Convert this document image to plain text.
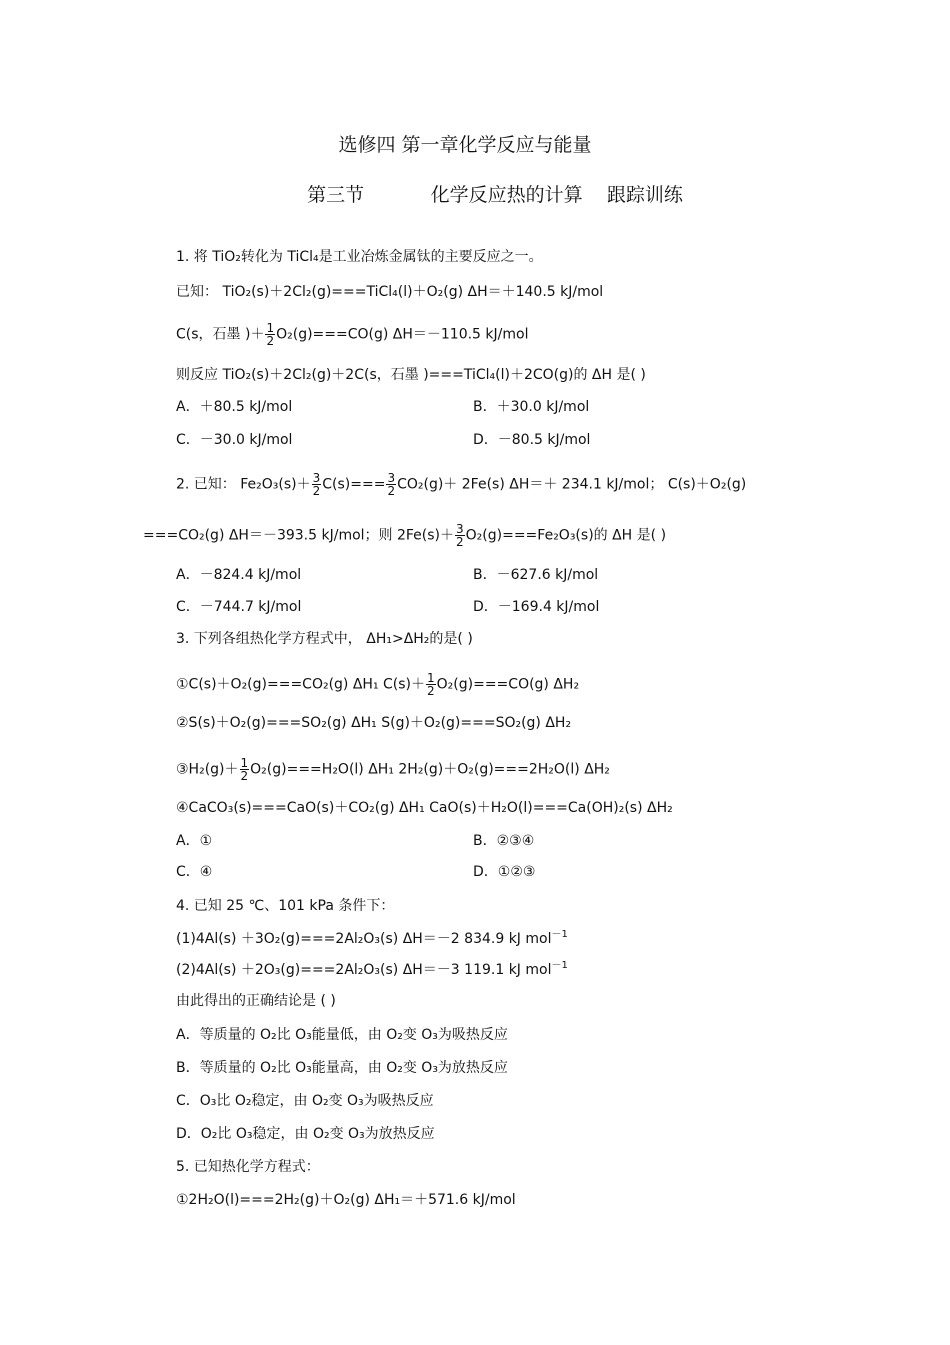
选修四 第一章化学反应与能量
第三节	化学反应热的计算 跟踪训练
1. 将 TiO₂转化为 TiCl₄是工业冶炼金属钛的主要反应之一。
已知： TiO₂(s)＋2Cl₂(g)===TiCl₄(l)＋O₂(g) ΔH＝＋140.5 kJ/mol
C(s，石墨 )＋ $\frac{1}{2} O_2(g)===CO(g)$ ΔH＝－110.5 kJ/mol
则反应 TiO₂(s)＋2Cl₂(g)＋2C(s，石墨 )===TiCl₄(l)＋2CO(g)的 ΔH 是( )
A．＋80.5 kJ/mol	B．＋30.0 kJ/mol
C．－30.0 kJ/mol	D．－80.5 kJ/mol
2. 已知： $Fe_2O_3(s)+ \frac{3}{2} C(s)=== \frac{3}{2} CO_2(g)+ 2Fe(s)$ ΔH＝＋ 234.1 kJ/mol； C(s)＋O₂(g)
===CO₂(g) ΔH＝－393.5 kJ/mol；则 $2Fe(s)+ \frac{3}{2} O_2(g)===Fe_2O_3(s)$的 ΔH 是( )
A．－824.4 kJ/mol	B．－627.6 kJ/mol
C．－744.7 kJ/mol	D．－169.4 kJ/mol
3. 下列各组热化学方程式中， ΔH₁>ΔH₂的是( )
①C(s)＋O₂(g)===CO₂(g) ΔH₁ $C(s)+ \frac{1}{2} O_2(g)===CO(g)$ ΔH₂
②S(s)＋O₂(g)===SO₂(g) ΔH₁ S(g)＋O₂(g)===SO₂(g) ΔH₂
③H₂(g)＋ $\frac{1}{2} O_2(g)===H_2O(l)$ ΔH₁ 2H₂(g)＋O₂(g)===2H₂O(l) ΔH₂
④CaCO₃(s)===CaO(s)＋CO₂(g) ΔH₁ CaO(s)＋H₂O(l)===Ca(OH)₂(s) ΔH₂
A．①	B．②③④
C．④	D．①②③
4. 已知 25 ℃、101 kPa 条件下：
(1)4Al(s) ＋3O₂(g)===2Al₂O₃(s) ΔH＝－2 834.9 kJ mol$^{-1}$
(2)4Al(s) ＋2O₃(g)===2Al₂O₃(s) ΔH＝－3 119.1 kJ mol$^{-1}$
由此得出的正确结论是 ( )
A．等质量的 O₂比 O₃能量低，由 O₂变 O₃为吸热反应
B．等质量的 O₂比 O₃能量高，由 O₂变 O₃为放热反应
C．O₃比 O₂稳定，由 O₂变 O₃为吸热反应
D．O₂比 O₃稳定，由 O₂变 O₃为放热反应
5. 已知热化学方程式：
①2H₂O(l)===2H₂(g)＋O₂(g) ΔH₁＝＋571.6 kJ/mol
